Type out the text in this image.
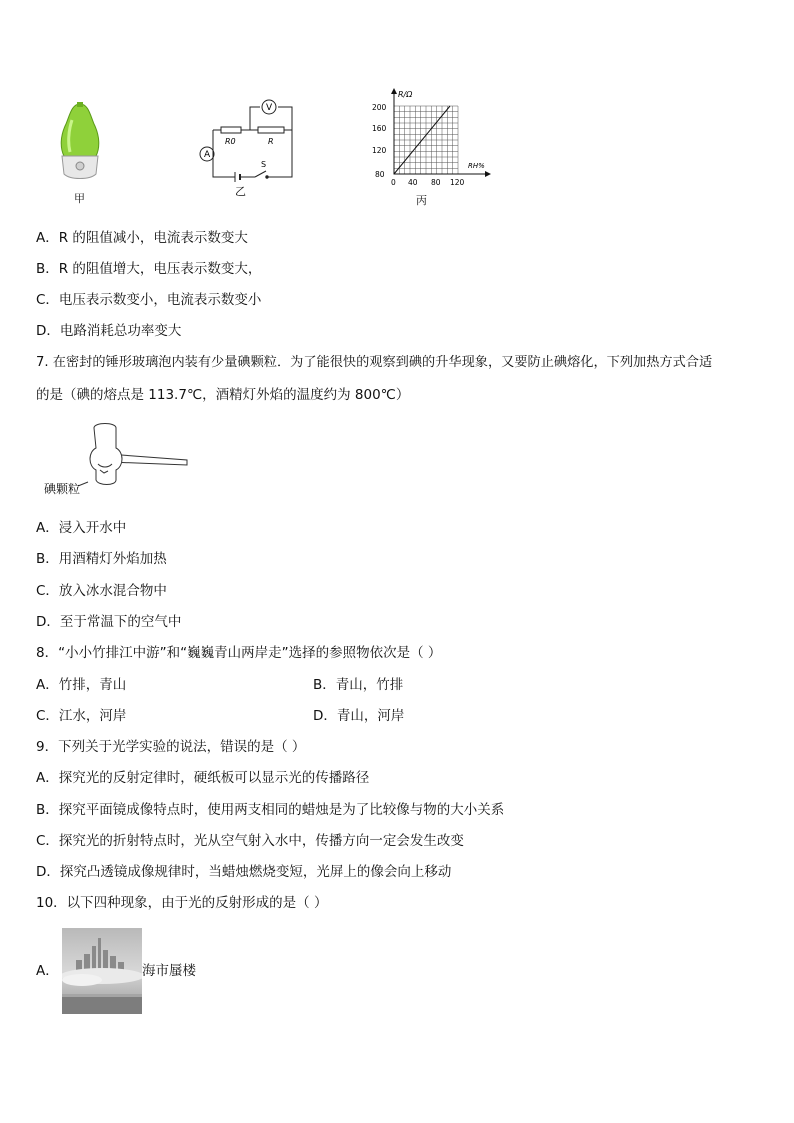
甲
V
A
R0	R
S
乙
R/Ω
RH%
200
160
120
80
0 40 80 120
丙
A．R 的阻值减小，电流表示数变大
B．R 的阻值增大，电压表示数变大，
C．电压表示数变小，电流表示数变小
D．电路消耗总功率变大
7. 在密封的锤形玻璃泡内装有少量碘颗粒．为了能很快的观察到碘的升华现象，又要防止碘熔化，下列加热方式合适
的是（碘的熔点是 113.7℃，酒精灯外焰的温度约为 800℃）
碘颗粒
A．浸入开水中
B．用酒精灯外焰加热
C．放入冰水混合物中
D．至于常温下的空气中
8．“小小竹排江中游”和“巍巍青山两岸走”选择的参照物依次是（ ）
A．竹排，青山	B．青山，竹排
C．江水，河岸	D．青山，河岸
9．下列关于光学实验的说法，错误的是（ ）
A．探究光的反射定律时，硬纸板可以显示光的传播路径
B．探究平面镜成像特点时，使用两支相同的蜡烛是为了比较像与物的大小关系
C．探究光的折射特点时，光从空气射入水中，传播方向一定会发生改变
D．探究凸透镜成像规律时，当蜡烛燃烧变短，光屏上的像会向上移动
10．以下四种现象，由于光的反射形成的是（ ）
A．	海市蜃楼
